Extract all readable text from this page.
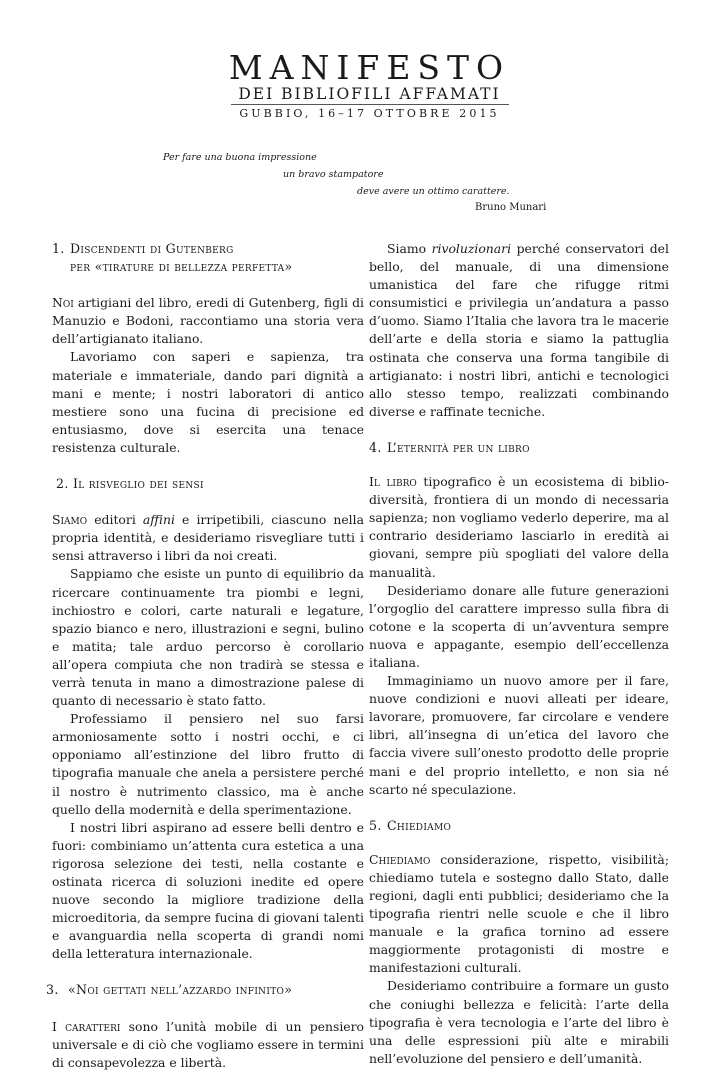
MANIFESTO
DEI BIBLIOFILI AFFAMATI
GUBBIO, 16–17 OTTOBRE 2015
Per fare una buona impressione
un bravo stampatore
deve avere un ottimo carattere.
Bruno Munari
1. Discendenti di Gutenberg
per «tirature di bellezza perfetta»

Noi artigiani del libro, eredi di Gutenberg, figli di Manuzio e Bodoni, raccontiamo una storia vera dell’artigianato italiano.

Lavoriamo con saperi e sapienza, tra materiale e immateriale, dando pari dignità a mani e mente; i nostri laboratori di antico mestiere sono una fucina di precisione ed entusiasmo, dove si esercita una tenace resistenza culturale.

2. Il risveglio dei sensi

Siamo editori affini e irripetibili, ciascuno nella propria identità, e desideriamo risvegliare tutti i sensi attraverso i libri da noi creati.

Sappiamo che esiste un punto di equilibrio da ricercare continuamente tra piombi e legni, inchiostro e colori, carte naturali e legature, spazio bianco e nero, illustrazioni e segni, bulino e matita; tale arduo percorso è corollario all’opera compiuta che non tradirà se stessa e verrà tenuta in mano a dimostrazione palese di quanto di necessario è stato fatto.

Professiamo il pensiero nel suo farsi armoniosamente sotto i nostri occhi, e ci opponiamo all’estinzione del libro frutto di tipografia manuale che anela a persistere perché il nostro è nutrimento classico, ma è anche quello della modernità e della sperimentazione.

I nostri libri aspirano ad essere belli dentro e fuori: combiniamo un’attenta cura estetica a una rigorosa selezione dei testi, nella costante e ostinata ricerca di soluzioni inedite ed opere nuove secondo la migliore tradizione della microeditoria, da sempre fucina di giovani talenti e avanguardia nella scoperta di grandi nomi della letteratura internazionale.

3. «Noi gettati nell’azzardo infinito»

I caratteri sono l’unità mobile di un pensiero universale e di ciò che vogliamo essere in termini di consapevolezza e libertà.

Siamo rivoluzionari perché conservatori del bello, del manuale, di una dimensione umanistica del fare che rifugge ritmi consumistici e privilegia un’andatura a passo d’uomo. Siamo l’Italia che lavora tra le macerie dell’arte e della storia e siamo la pattuglia ostinata che conserva una forma tangibile di artigianato: i nostri libri, antichi e tecnologici allo stesso tempo, realizzati combinando diverse e raffinate tecniche.

4. L’eternità per un libro

Il libro tipografico è un ecosistema di biblio-diversità, frontiera di un mondo di necessaria sapienza; non vogliamo vederlo deperire, ma al contrario desideriamo lasciarlo in eredità ai giovani, sempre più spogliati del valore della manualità.

Desideriamo donare alle future generazioni l’orgoglio del carattere impresso sulla fibra di cotone e la scoperta di un’avventura sempre nuova e appagante, esempio dell’eccellenza italiana.

Immaginiamo un nuovo amore per il fare, nuove condizioni e nuovi alleati per ideare, lavorare, promuovere, far circolare e vendere libri, all’insegna di un’etica del lavoro che faccia vivere sull’onesto prodotto delle proprie mani e del proprio intelletto, e non sia né scarto né speculazione.

5. Chiediamo

Chiediamo considerazione, rispetto, visibilità; chiediamo tutela e sostegno dallo Stato, dalle regioni, dagli enti pubblici; desideriamo che la tipografia rientri nelle scuole e che il libro manuale e la grafica tornino ad essere maggiormente protagonisti di mostre e manifestazioni culturali.

Desideriamo contribuire a formare un gusto che coniughi bellezza e felicità: l’arte della tipografia è vera tecnologia e l’arte del libro è una delle espressioni più alte e mirabili nell’evoluzione del pensiero e dell’umanità.
